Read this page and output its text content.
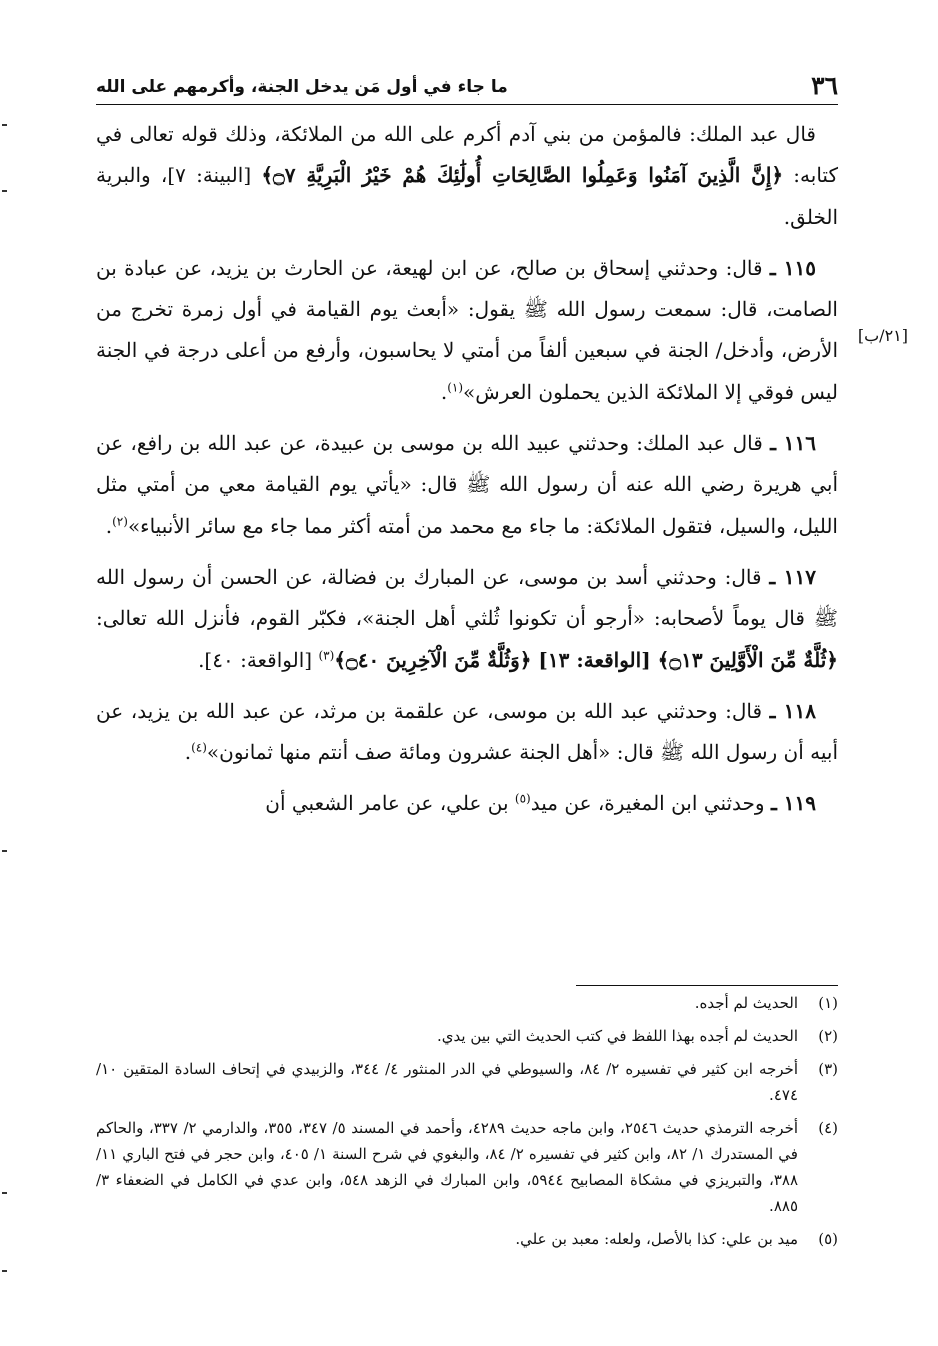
٣٦
ما جاء في أول مَن يدخل الجنة، وأكرمهم على الله
[٢١/ب]

قال عبد الملك: فالمؤمن من بني آدم أكرم على الله من الملائكة، وذلك قوله تعالى في كتابه: ﴿إِنَّ الَّذِينَ آمَنُوا وَعَمِلُوا الصَّالِحَاتِ أُولَٰئِكَ هُمْ خَيْرُ الْبَرِيَّةِ ۝٧﴾ [البينة: ٧]، والبرية الخلق.

١١٥ ـ قال: وحدثني إسحاق بن صالح، عن ابن لهيعة، عن الحارث بن يزيد، عن عبادة بن الصامت، قال: سمعت رسول الله ﷺ يقول: «أبعث يوم القيامة في أول زمرة تخرج من الأرض، وأدخل/ الجنة في سبعين ألفاً من أمتي لا يحاسبون، وأرفع من أعلى درجة في الجنة ليس فوقي إلا الملائكة الذين يحملون العرش»$^{(١)}$.

١١٦ ـ قال عبد الملك: وحدثني عبيد الله بن موسى بن عبيدة، عن عبد الله بن رافع، عن أبي هريرة رضي الله عنه أن رسول الله ﷺ قال: «يأتي يوم القيامة معي من أمتي مثل الليل، والسيل، فتقول الملائكة: ما جاء مع محمد من أمته أكثر مما جاء مع سائر الأنبياء»$^{(٢)}$.

١١٧ ـ قال: وحدثني أسد بن موسى، عن المبارك بن فضالة، عن الحسن أن رسول الله ﷺ قال يوماً لأصحابه: «أرجو أن تكونوا ثُلثي أهل الجنة»، فكبّر القوم، فأنزل الله تعالى: ﴿ثُلَّةٌ مِّنَ الْأَوَّلِينَ ۝١٣﴾ [الواقعة: ١٣] ﴿وَثُلَّةٌ مِّنَ الْآخِرِينَ ۝٤٠﴾$^{(٣)}$ [الواقعة: ٤٠].

١١٨ ـ قال: وحدثني عبد الله بن موسى، عن علقمة بن مرثد، عن عبد الله بن يزيد، عن أبيه أن رسول الله ﷺ قال: «أهل الجنة عشرون ومائة صف أنتم منها ثمانون»$^{(٤)}$.

١١٩ ـ وحدثني ابن المغيرة، عن ميد$^{(٥)}$ بن علي، عن عامر الشعبي أن

(١)
الحديث لم أجده.
(٢)
الحديث لم أجده بهذا اللفظ في كتب الحديث التي بين يدي.
(٣)
أخرجه ابن كثير في تفسيره ٢/ ٨٤، والسيوطي في الدر المنثور ٤/ ٣٤٤، والزبيدي في إتحاف السادة المتقين ١٠/ ٤٧٤.
(٤)
أخرجه الترمذي حديث ٢٥٤٦، وابن ماجه حديث ٤٢٨٩، وأحمد في المسند ٥/ ٣٤٧، ٣٥٥، والدارمي ٢/ ٣٣٧، والحاكم في المستدرك ١/ ٨٢، وابن كثير في تفسيره ٢/ ٨٤، والبغوي في شرح السنة ١/ ٤٠٥، وابن حجر في فتح الباري ١١/ ٣٨٨، والتبريزي في مشكاة المصابيح ٥٩٤٤، وابن المبارك في الزهد ٥٤٨، وابن عدي في الكامل في الضعفاء ٣/ ٨٨٥.
(٥)
ميد بن علي: كذا بالأصل، ولعله: معبد بن علي.
